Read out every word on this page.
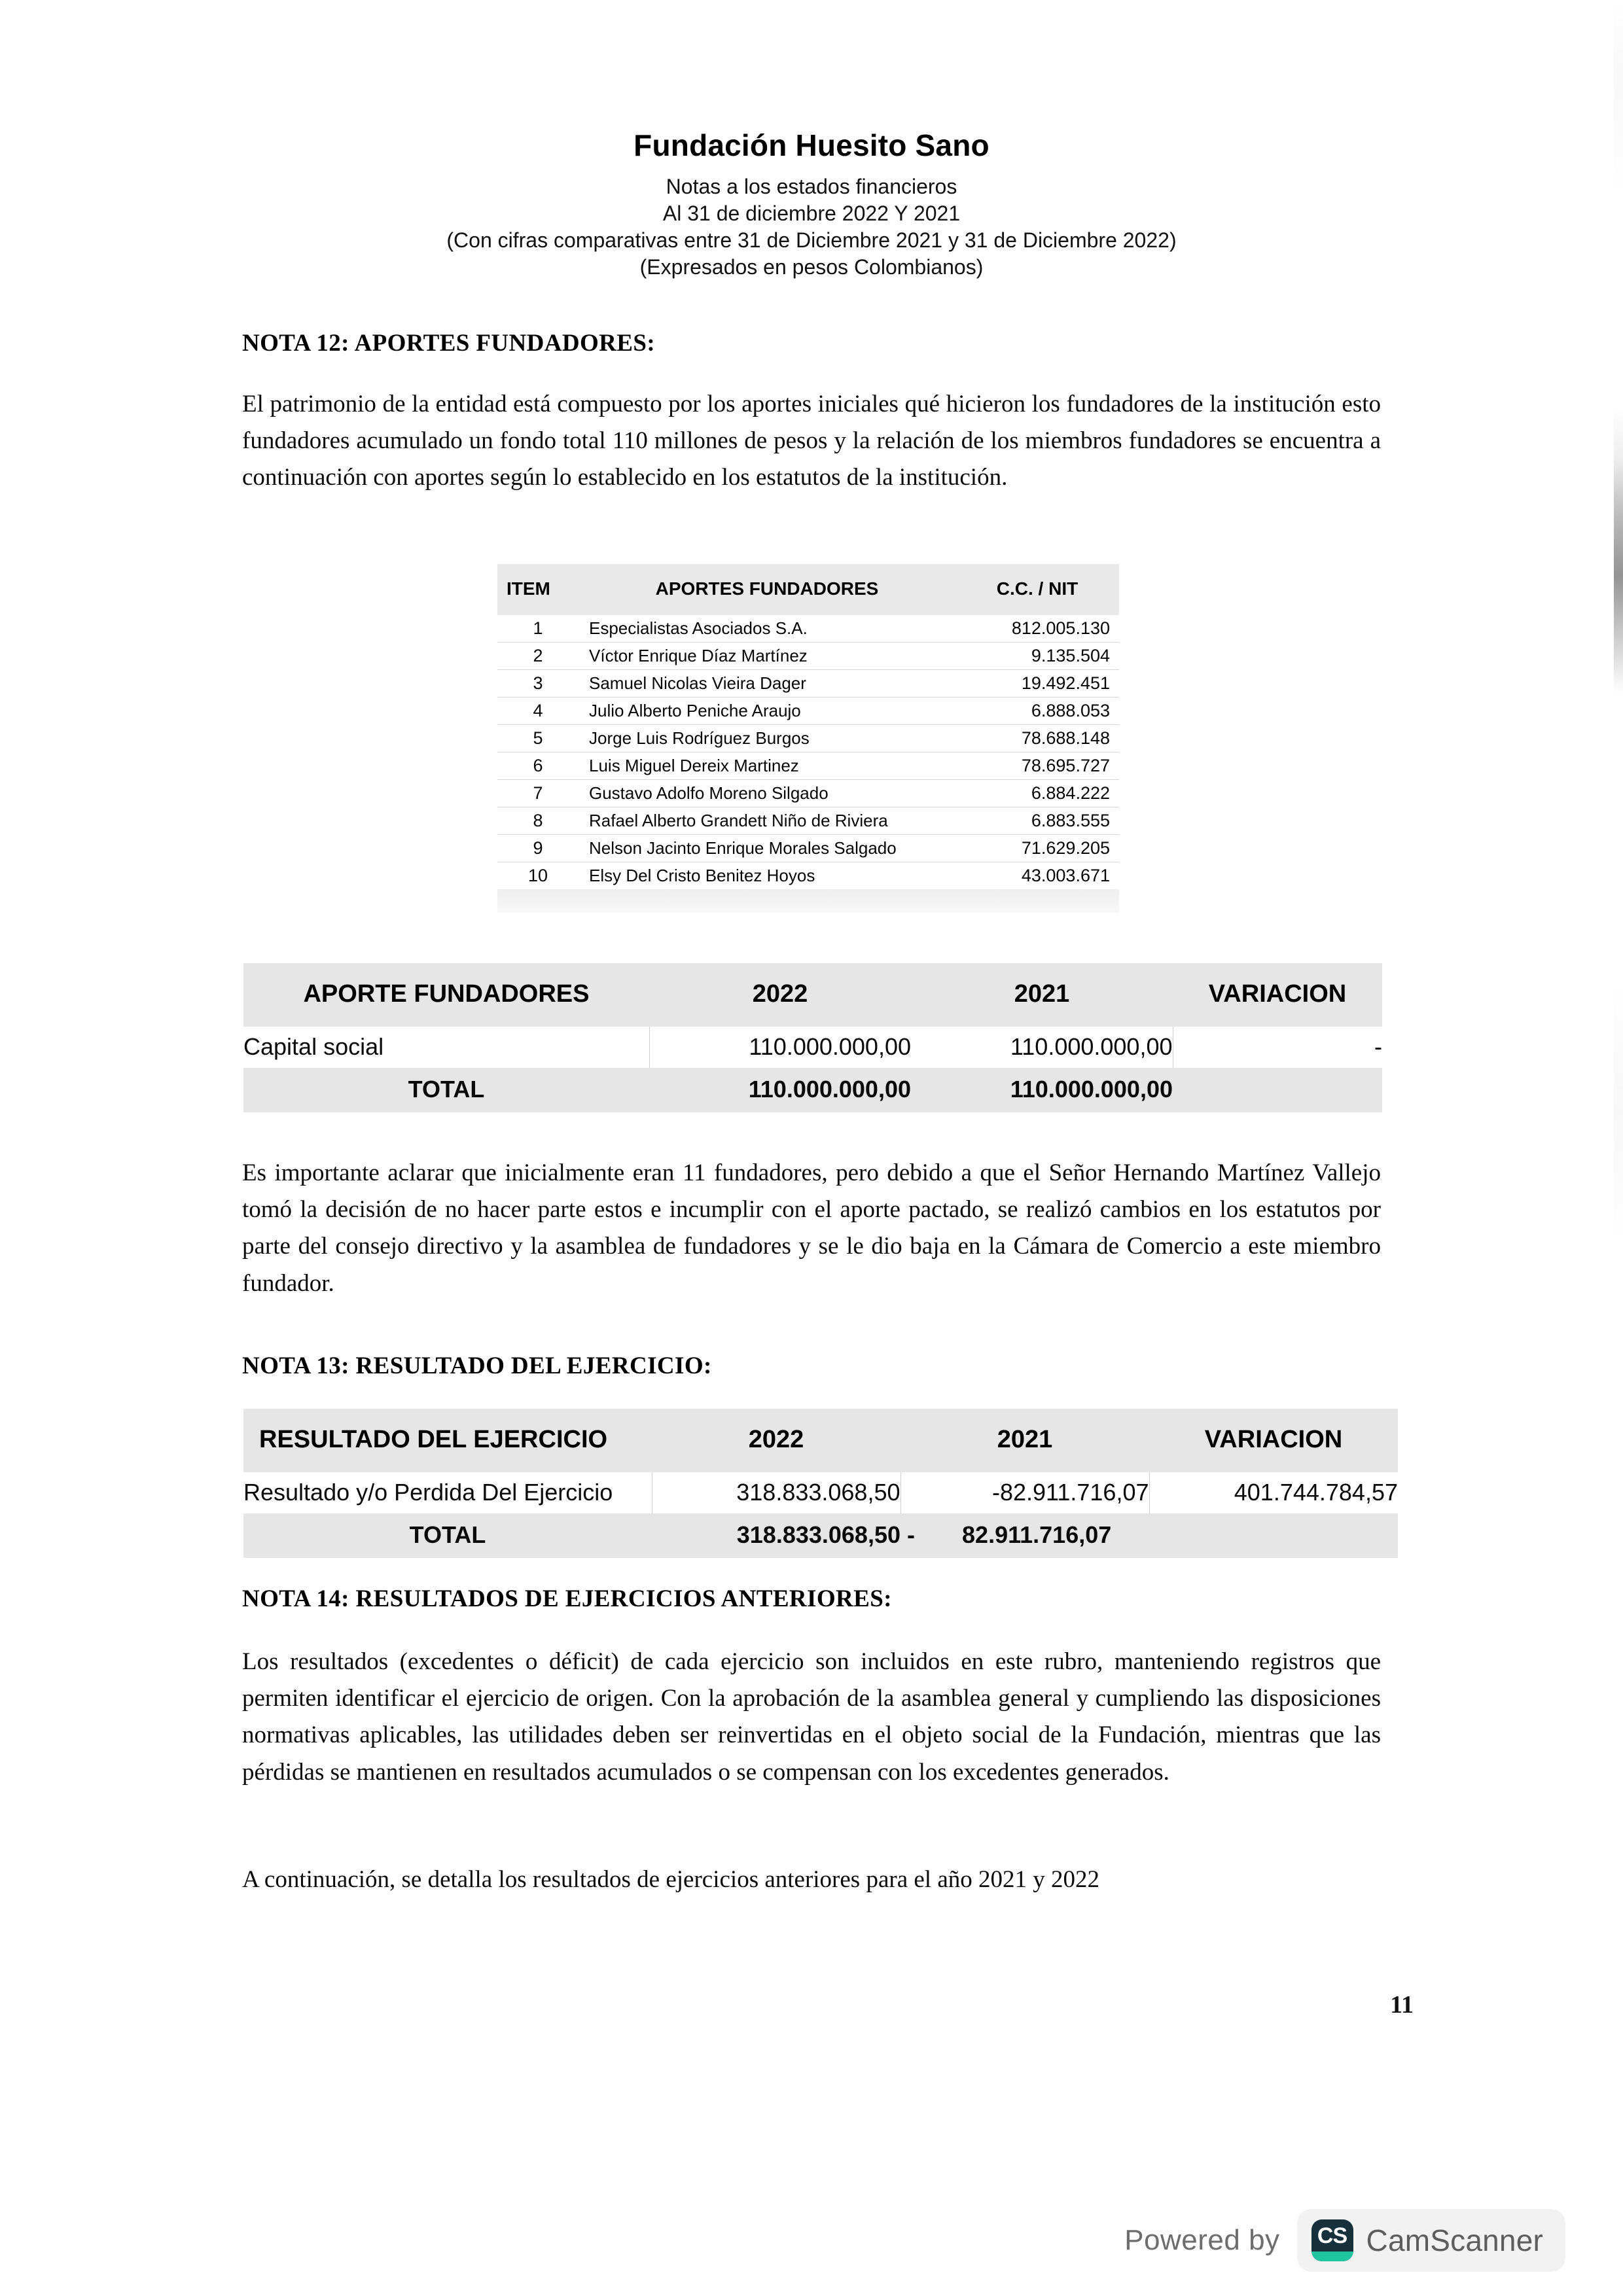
Fundación Huesito Sano
Notas a los estados financieros
Al 31 de diciembre 2022 Y 2021
(Con cifras comparativas entre 31 de Diciembre 2021 y 31 de Diciembre 2022)
(Expresados en pesos Colombianos)
NOTA 12: APORTES FUNDADORES:
El patrimonio de la entidad está compuesto por los aportes iniciales qué hicieron los fundadores de la institución esto fundadores acumulado un fondo total 110 millones de pesos y la relación de los miembros fundadores se encuentra a continuación con aportes según lo establecido en los estatutos de la institución.
ITEM	APORTES FUNDADORES	C.C. / NIT
1	Especialistas Asociados S.A.	812.005.130
2	Víctor Enrique Díaz Martínez	9.135.504
3	Samuel Nicolas Vieira Dager	19.492.451
4	Julio Alberto Peniche Araujo	6.888.053
5	Jorge Luis Rodríguez Burgos	78.688.148
6	Luis Miguel Dereix Martinez	78.695.727
7	Gustavo Adolfo Moreno Silgado	6.884.222
8	Rafael Alberto Grandett Niño de Riviera	6.883.555
9	Nelson Jacinto Enrique Morales Salgado	71.629.205
10	Elsy Del Cristo Benitez Hoyos	43.003.671
APORTE FUNDADORES	2022	2021	VARIACION
Capital social	110.000.000,00	110.000.000,00	-
TOTAL	110.000.000,00	110.000.000,00	
Es importante aclarar que inicialmente eran 11 fundadores, pero debido a que el Señor Hernando Martínez Vallejo tomó la decisión de no hacer parte estos e incumplir con el aporte pactado, se realizó cambios en los estatutos por parte del consejo directivo y la asamblea de fundadores y se le dio baja en la Cámara de Comercio a este miembro fundador.
NOTA 13: RESULTADO DEL EJERCICIO:
RESULTADO DEL EJERCICIO	2022	2021	VARIACION
Resultado y/o Perdida Del Ejercicio	318.833.068,50	-82.911.716,07	401.744.784,57
TOTAL	318.833.068,50	- 82.911.716,07	
NOTA 14: RESULTADOS DE EJERCICIOS ANTERIORES:
Los resultados (excedentes o déficit) de cada ejercicio son incluidos en este rubro, manteniendo registros que permiten identificar el ejercicio de origen. Con la aprobación de la asamblea general y cumpliendo las disposiciones normativas aplicables, las utilidades deben ser reinvertidas en el objeto social de la Fundación, mientras que las pérdidas se mantienen en resultados acumulados o se compensan con los excedentes generados.
A continuación, se detalla los resultados de ejercicios anteriores para el año 2021 y 2022
11
Powered by CS CamScanner
